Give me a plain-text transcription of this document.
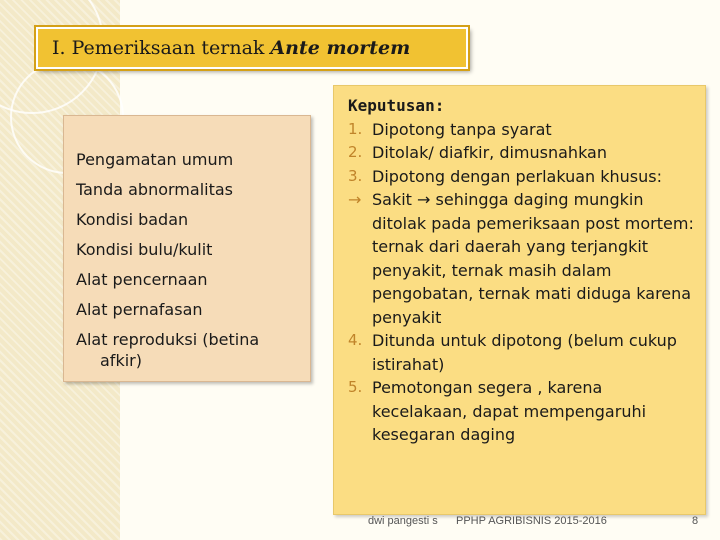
I. Pemeriksaan ternak Ante mortem
Pengamatan umum
Tanda abnormalitas
Kondisi badan
Kondisi bulu/kulit
Alat pencernaan
Alat pernafasan
Alat reproduksi (betina afkir)
Keputusan:
1. Dipotong tanpa syarat
2. Ditolak/ diafkir, dimusnahkan
3. Dipotong dengan perlakuan khusus:
→ Sakit → sehingga daging mungkin ditolak pada pemeriksaan post mortem: ternak dari daerah yang terjangkit penyakit, ternak masih dalam pengobatan, ternak mati diduga karena penyakit
4. Ditunda untuk dipotong (belum cukup istirahat)
5. Pemotongan segera , karena kecelakaan, dapat mempengaruhi kesegaran daging
dwi pangesti s PPHP AGRIBISNIS 2015-2016	8
